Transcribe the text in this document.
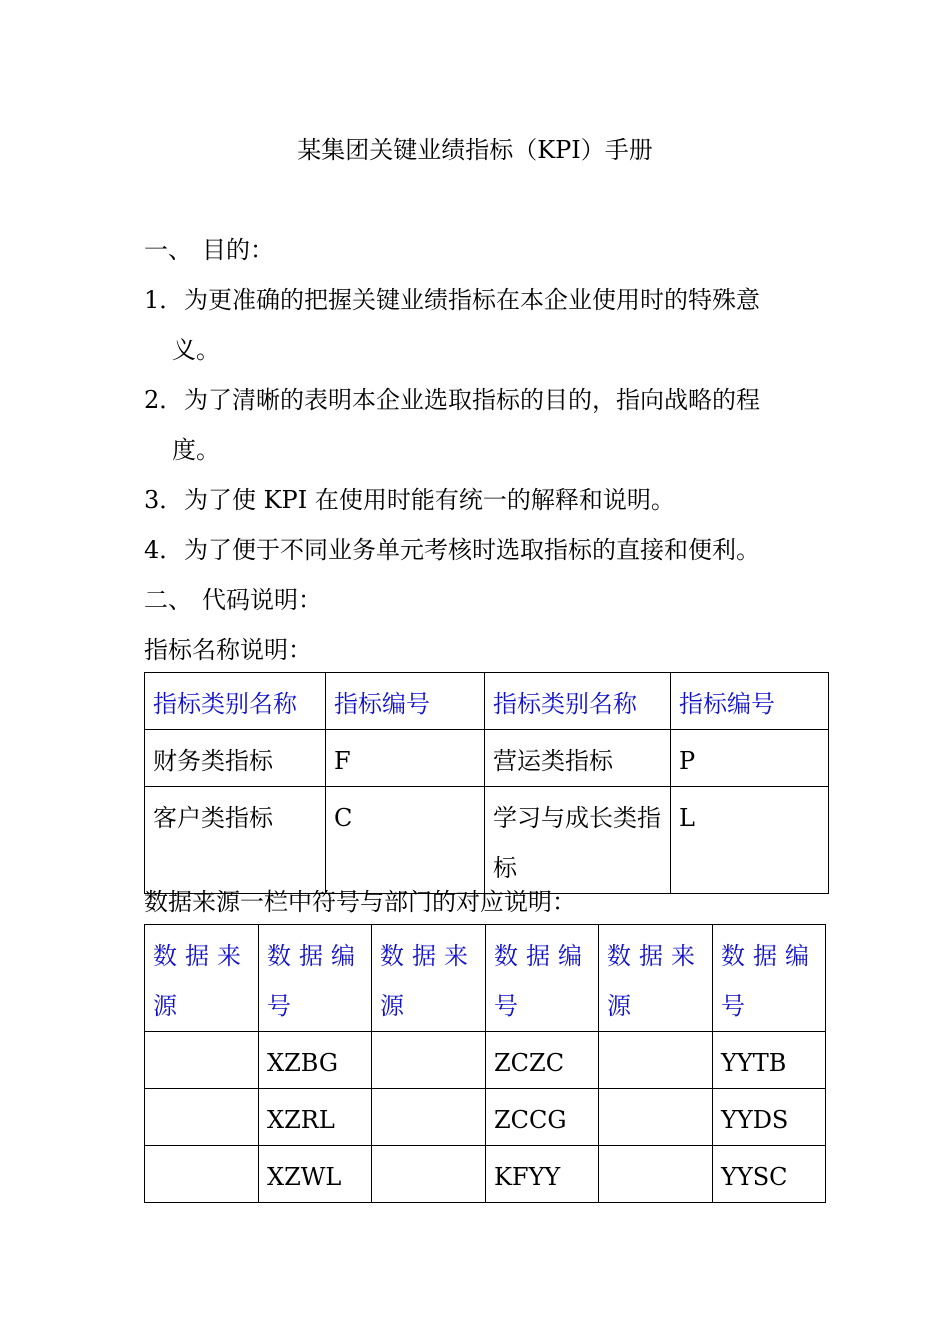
某集团关键业绩指标（KPI）手册
一、 目的：
1．为更准确的把握关键业绩指标在本企业使用时的特殊意
义。
2．为了清晰的表明本企业选取指标的目的，指向战略的程
度。
3．为了使 KPI 在使用时能有统一的解释和说明。
4．为了便于不同业务单元考核时选取指标的直接和便利。
二、 代码说明：
指标名称说明：
指标类别名称	指标编号	指标类别名称	指标编号
财务类指标	F	营运类指标	P
客户类指标	C	学习与成长类指标	L
数据来源一栏中符号与部门的对应说明：
数据来源	数据编号	数据来源	数据编号	数据来源	数据编号
	XZBG		ZCZC		YYTB
	XZRL		ZCCG		YYDS
	XZWL		KFYY		YYSC
